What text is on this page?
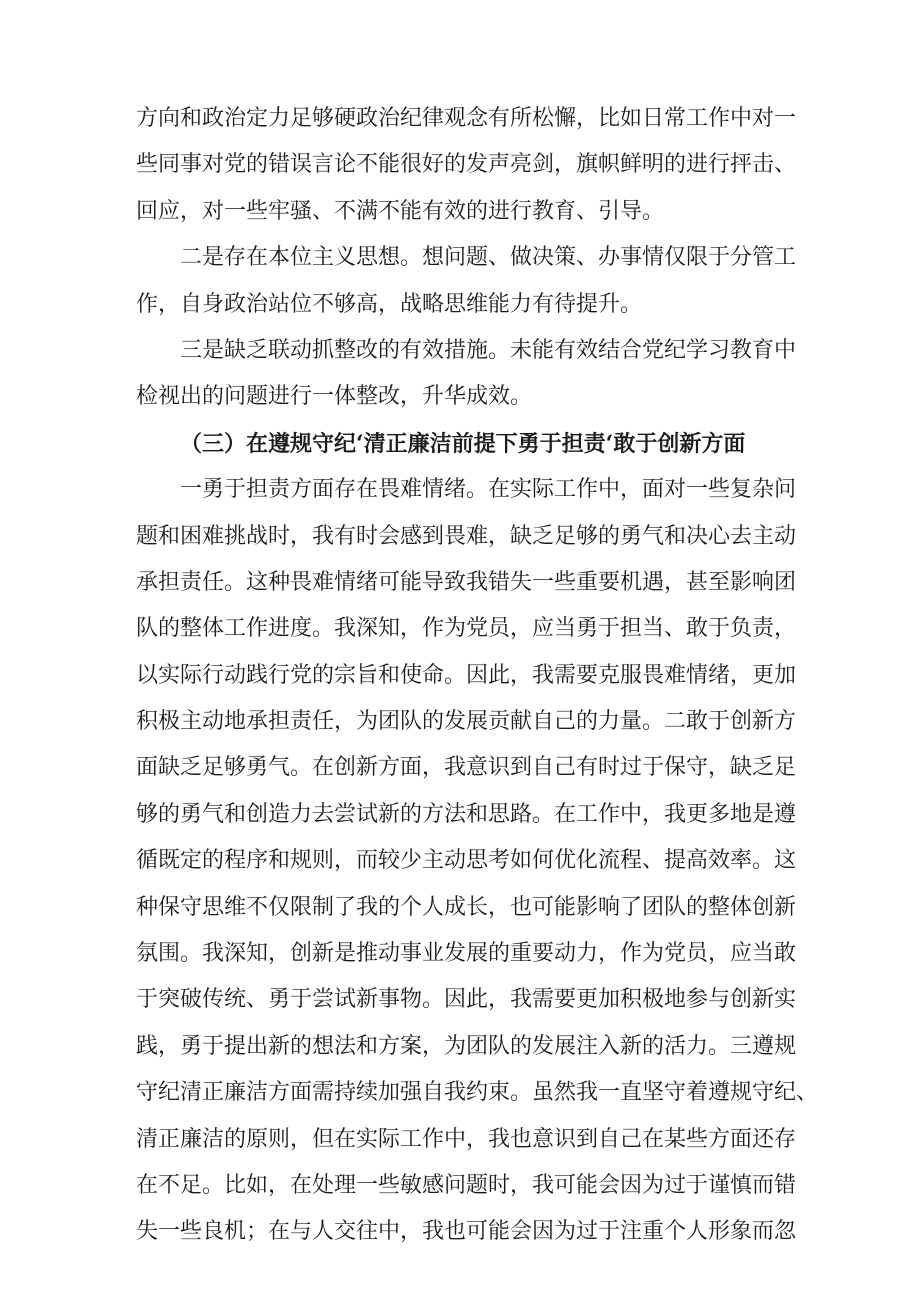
方向和政治定力足够硬政治纪律观念有所松懈，比如日常工作中对一
些同事对党的错误言论不能很好的发声亮剑，旗帜鲜明的进行抨击、
回应，对一些牢骚、不满不能有效的进行教育、引导。
二是存在本位主义思想。想问题、做决策、办事情仅限于分管工
作，自身政治站位不够高，战略思维能力有待提升。
三是缺乏联动抓整改的有效措施。未能有效结合党纪学习教育中
检视出的问题进行一体整改，升华成效。
（三）在遵规守纪‘清正廉洁前提下勇于担责‘敢于创新方面
一勇于担责方面存在畏难情绪。在实际工作中，面对一些复杂问
题和困难挑战时，我有时会感到畏难，缺乏足够的勇气和决心去主动
承担责任。这种畏难情绪可能导致我错失一些重要机遇，甚至影响团
队的整体工作进度。我深知，作为党员，应当勇于担当、敢于负责，
以实际行动践行党的宗旨和使命。因此，我需要克服畏难情绪，更加
积极主动地承担责任，为团队的发展贡献自己的力量。二敢于创新方
面缺乏足够勇气。在创新方面，我意识到自己有时过于保守，缺乏足
够的勇气和创造力去尝试新的方法和思路。在工作中，我更多地是遵
循既定的程序和规则，而较少主动思考如何优化流程、提高效率。这
种保守思维不仅限制了我的个人成长，也可能影响了团队的整体创新
氛围。我深知，创新是推动事业发展的重要动力，作为党员，应当敢
于突破传统、勇于尝试新事物。因此，我需要更加积极地参与创新实
践，勇于提出新的想法和方案，为团队的发展注入新的活力。三遵规
守纪清正廉洁方面需持续加强自我约束。虽然我一直坚守着遵规守纪、
清正廉洁的原则，但在实际工作中，我也意识到自己在某些方面还存
在不足。比如，在处理一些敏感问题时，我可能会因为过于谨慎而错
失一些良机；在与人交往中，我也可能会因为过于注重个人形象而忽
